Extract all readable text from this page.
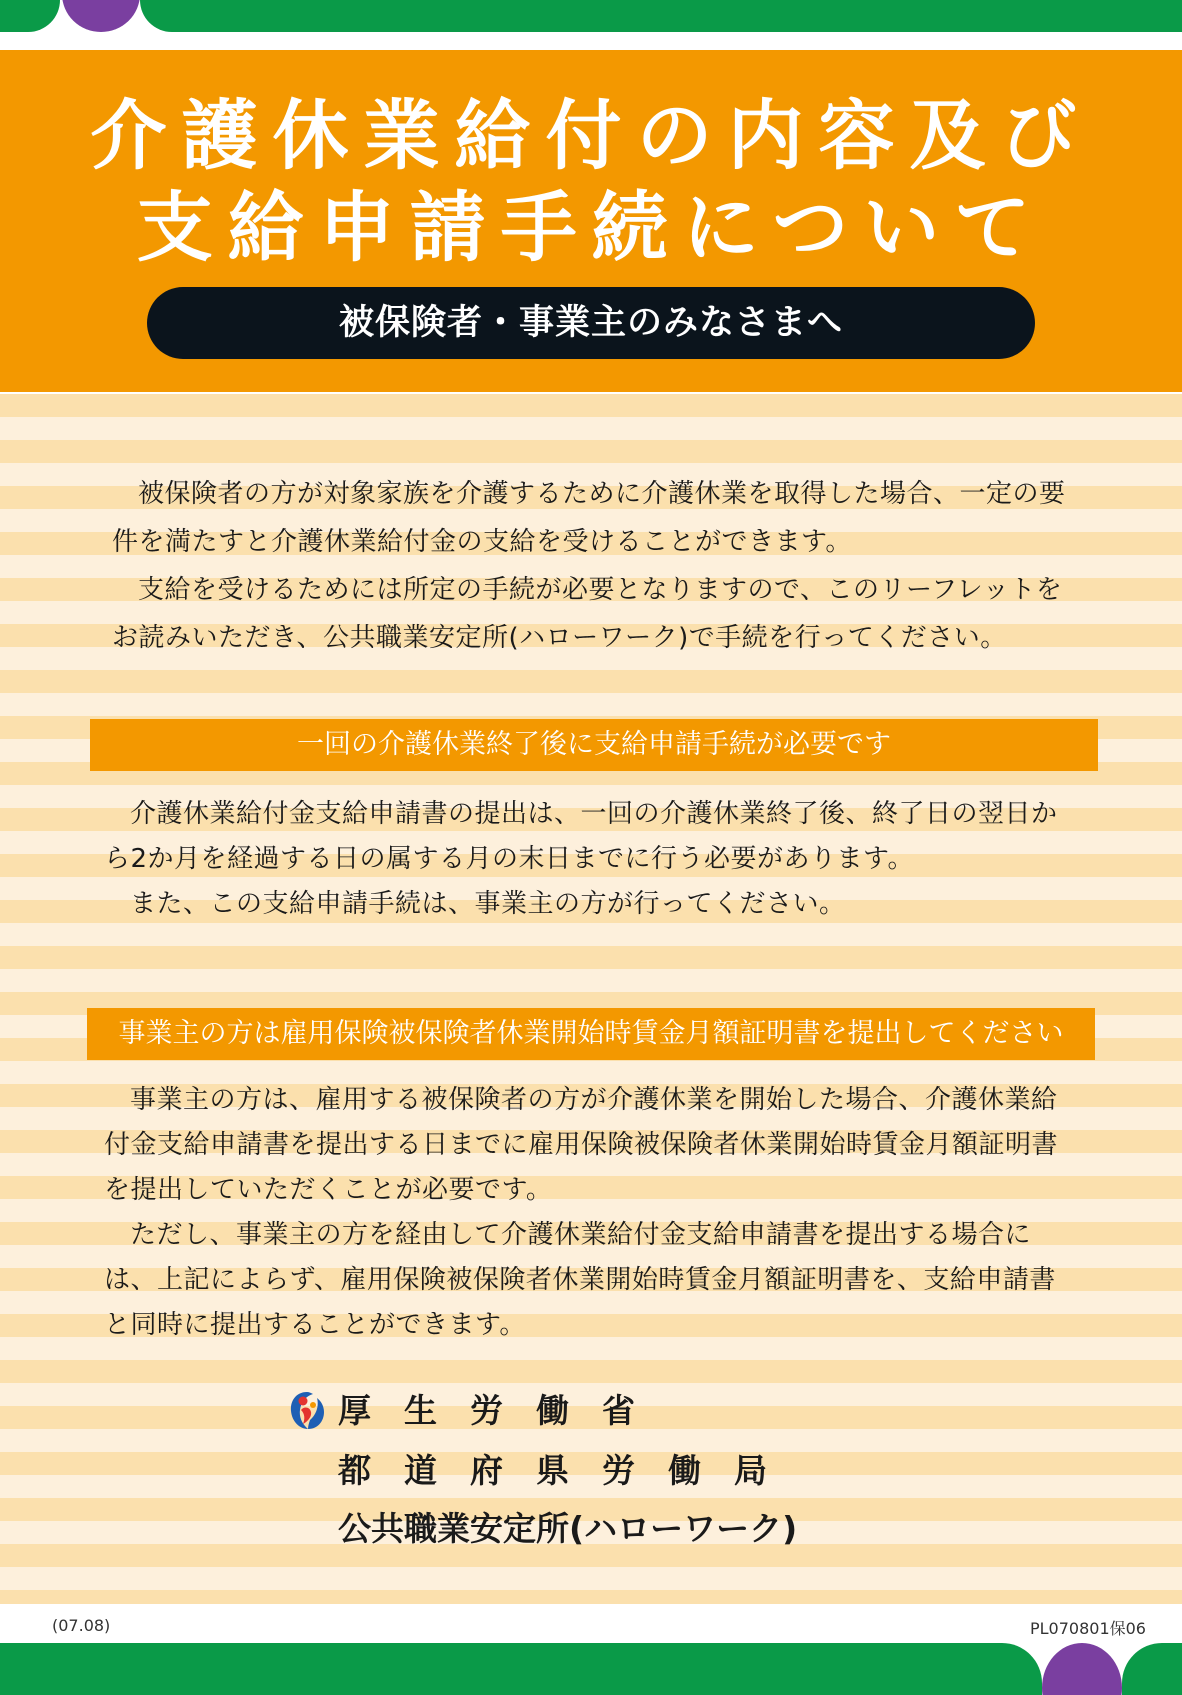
介護休業給付の内容及び
支給申請手続について
被保険者・事業主のみなさまへ

被保険者の方が対象家族を介護するために介護休業を取得した場合、一定の要件を満たすと介護休業給付金の支給を受けることができます。

支給を受けるためには所定の手続が必要となりますので、このリーフレットをお読みいただき、公共職業安定所(ハローワーク)で手続を行ってください。

一回の介護休業終了後に支給申請手続が必要です

介護休業給付金支給申請書の提出は、一回の介護休業終了後、終了日の翌日から2か月を経過する日の属する月の末日までに行う必要があります。

また、この支給申請手続は、事業主の方が行ってください。

事業主の方は雇用保険被保険者休業開始時賃金月額証明書を提出してください

事業主の方は、雇用する被保険者の方が介護休業を開始した場合、介護休業給付金支給申請書を提出する日までに雇用保険被保険者休業開始時賃金月額証明書を提出していただくことが必要です。

ただし、事業主の方を経由して介護休業給付金支給申請書を提出する場合には、上記によらず、雇用保険被保険者休業開始時賃金月額証明書を、支給申請書と同時に提出することができます。

厚　生　労　働　省
都　道　府　県　労　働　局
公共職業安定所(ハローワーク)
(07.08)	PL070801保06
